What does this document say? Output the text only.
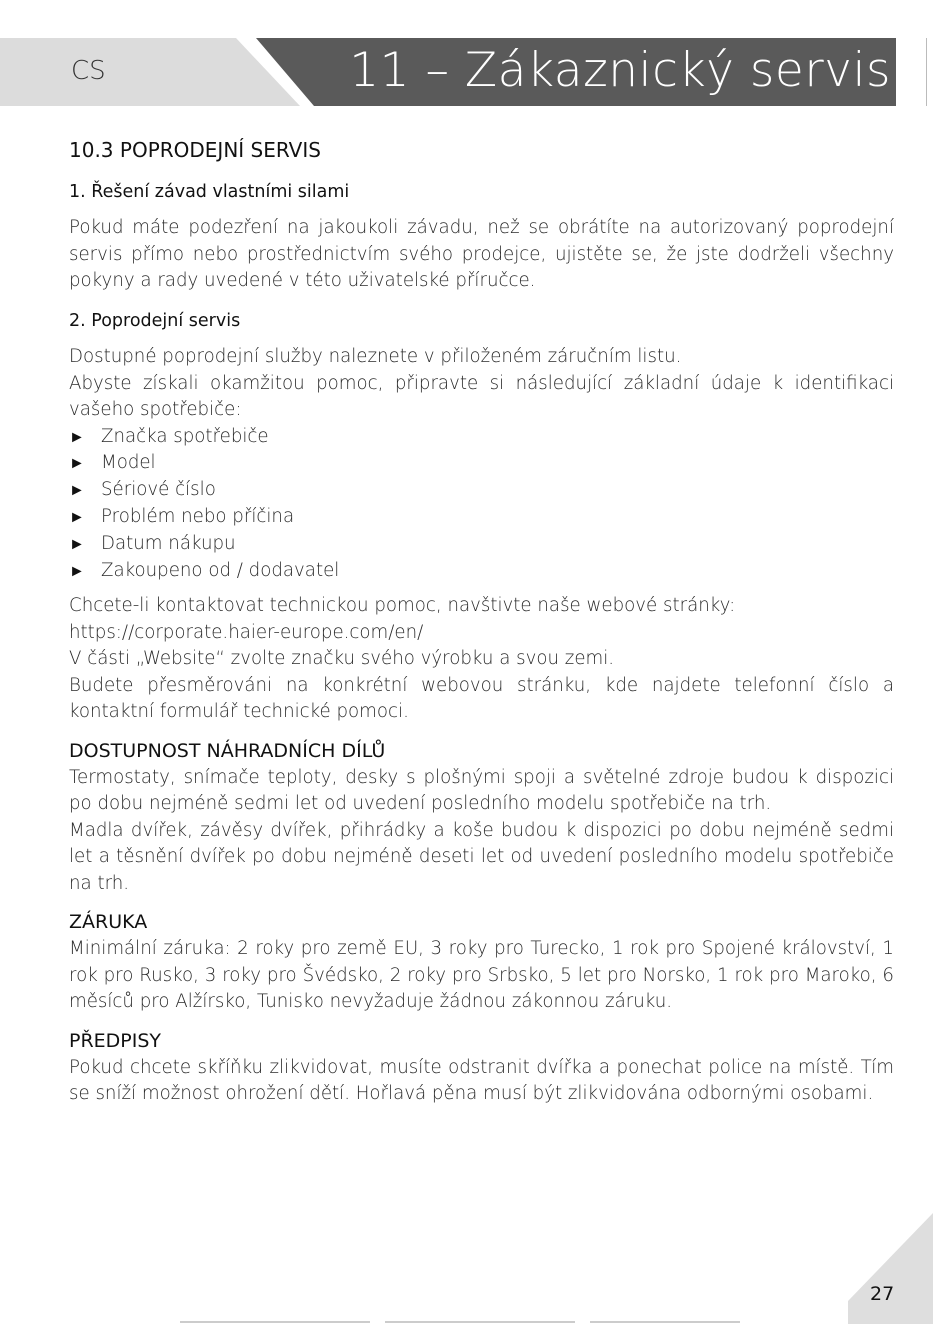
CS	11 – Zákaznický servis
10.3 POPRODEJNÍ SERVIS
1. Řešení závad vlastními silami

Pokud máte podezření na jakoukoli závadu, než se obrátíte na autorizovaný poprodejní servis přímo nebo prostřednictvím svého prodejce, ujistěte se, že jste dodrželi všechny pokyny a rady uvedené v této uživatelské příručce.

2. Poprodejní servis

Dostupné poprodejní služby naleznete v přiloženém záručním listu.

Abyste získali okamžitou pomoc, připravte si následující základní údaje k identifikaci vašeho spotřebiče:

► Značka spotřebiče
► Model
► Sériové číslo
► Problém nebo příčina
► Datum nákupu
► Zakoupeno od / dodavatel

Chcete-li kontaktovat technickou pomoc, navštivte naše webové stránky:

https://corporate.haier-europe.com/en/

V části „Website“ zvolte značku svého výrobku a svou zemi.

Budete přesměrováni na konkrétní webovou stránku, kde najdete telefonní číslo a kontaktní formulář technické pomoci.

DOSTUPNOST NÁHRADNÍCH DÍLŮ

Termostaty, snímače teploty, desky s plošnými spoji a světelné zdroje budou k dispozici po dobu nejméně sedmi let od uvedení posledního modelu spotřebiče na trh.

Madla dvířek, závěsy dvířek, přihrádky a koše budou k dispozici po dobu nejméně sedmi let a těsnění dvířek po dobu nejméně deseti let od uvedení posledního modelu spotřebiče na trh.

ZÁRUKA

Minimální záruka: 2 roky pro země EU, 3 roky pro Turecko, 1 rok pro Spojené království, 1 rok pro Rusko, 3 roky pro Švédsko, 2 roky pro Srbsko, 5 let pro Norsko, 1 rok pro Maroko, 6 měsíců pro Alžírsko, Tunisko nevyžaduje žádnou zákonnou záruku.

PŘEDPISY

Pokud chcete skříňku zlikvidovat, musíte odstranit dvířka a ponechat police na místě. Tím se sníží možnost ohrožení dětí. Hořlavá pěna musí být zlikvidována odbornými osobami.

27
